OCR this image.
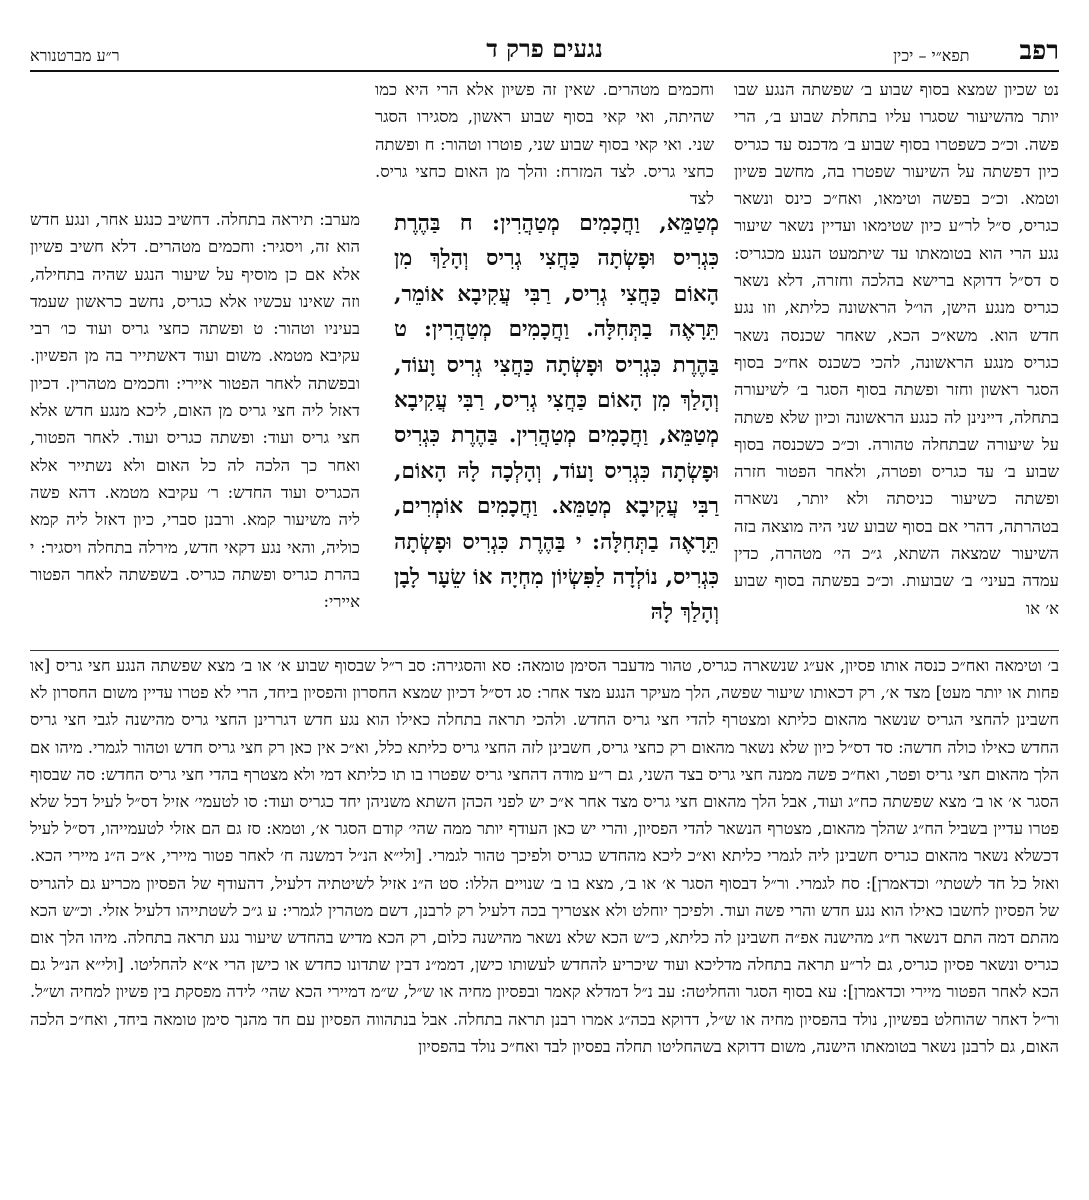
רפב
תפא״י – יכין
נגעים פרק ד
ר״ע מברטנורא
נט שכיון שמצא בסוף שבוע ב׳ שפשתה הנגע שבו יותר מהשיעור שסגרו עליו בתחלת שבוע ב׳, הרי פשה. וכ״כ כשפטרו בסוף שבוע ב׳ מדכנס עד כגריס כיון דפשתה על השיעור שפטרו בה, מחשב פשיון וטמא. וכ״כ בפשה וטימאו, ואח״כ כינס ונשאר כגריס, ס״ל לר״ע כיון שטימאו ועדיין נשאר שיעור נגע הרי הוא בטומאתו עד שיתמעט הנגע מכגריס: ס דס״ל דדוקא ברישא בהלכה וחזרה, דלא נשאר כגריס מנגע הישן, הו״ל הראשונה כליתא, וזו נגע חדש הוא. משא״כ הכא, שאחר שכנסה נשאר כגריס מנגע הראשונה, להכי כשכנס אח״כ בסוף הסגר ראשון וחזר ופשתה בסוף הסגר ב׳ לשיעורה בתחלה, דיינינן לה כנגע הראשונה וכיון שלא פשתה על שיעורה שבתחלה טהורה. וכ״כ כשכנסה בסוף שבוע ב׳ עד כגריס ופטרה, ולאחר הפטור חזרה ופשתה כשיעור כניסתה ולא יותר, נשארה בטהרתה, דהרי אם בסוף שבוע שני היה מוצאה בזה השיעור שמצאה השתא, ג״כ הי׳ מטהרה, כדין עמדה בעיני׳ ב׳ שבועות. וכ״כ בפשתה בסוף שבוע א׳ או
וחכמים מטהרים. שאין זה פשיון אלא הרי היא כמו שהיתה, ואי קאי בסוף שבוע ראשון, מסגירו הסגר שני. ואי קאי בסוף שבוע שני, פוטרו וטהור: ח ופשתה כחצי גריס. לצד המזרח: והלך מן האום כחצי גריס. לצד
מְטַמֵּא, וַחֲכָמִים מְטַהֲרִין: ח בַּהֶרֶת כִּגְרִיס וּפָשְׂתָה כַּחֲצִי גְרִיס וְהָלַךְ מִן הָאוֹם כַּחֲצִי גְרִיס, רַבִּי עֲקִיבָא אוֹמֵר, תֵּרָאֶה בַתְּחִלָּה. וַחֲכָמִים מְטַהֲרִין: ט בַּהֶרֶת כִּגְרִיס וּפָשְׂתָה כַּחֲצִי גְרִיס וָעוֹד, וְהָלַךְ מִן הָאוֹם כַּחֲצִי גְרִיס, רַבִּי עֲקִיבָא מְטַמֵּא, וַחֲכָמִים מְטַהֲרִין. בַּהֶרֶת כִּגְרִיס וּפָשְׂתָה כִּגְרִיס וָעוֹד, וְהָלְכָה לָהּ הָאוֹם, רַבִּי עֲקִיבָא מְטַמֵּא. וַחֲכָמִים אוֹמְרִים, תֵּרָאֶה בַתְּחִלָּה: י בַּהֶרֶת כִּגְרִיס וּפָשְׂתָה כִּגְרִיס, נוֹלְדָה לַפִּשְׂיוֹן מִחְיָה אוֹ שֵׂעָר לָבָן וְהָלַךְ לָהּ
מערב: תיראה בתחלה. דחשיב כנגע אחר, ונגע חדש הוא זה, ויסגיר: וחכמים מטהרים. דלא חשיב פשיון אלא אם כן מוסיף על שיעור הנגע שהיה בתחילה, וזה שאינו עכשיו אלא כגריס, נחשב כראשון שעמד בעיניו וטהור: ט ופשתה כחצי גריס ועוד כו׳ רבי עקיבא מטמא. משום ועוד דאשתייר בה מן הפשיון. ובפשתה לאחר הפטור איירי: וחכמים מטהרין. דכיון דאזל ליה חצי גריס מן האום, ליכא מנגע חדש אלא חצי גריס ועוד: ופשתה כגריס ועוד. לאחר הפטור, ואחר כך הלכה לה כל האום ולא נשתייר אלא הכגריס ועוד החדש: ר׳ עקיבא מטמא. דהא פשה ליה משיעור קמא. ורבנן סברי, כיון דאזל ליה קמא כוליה, והאי נגע דקאי חדש, מירלה בתחלה ויסגיר: י בהרת כגריס ופשתה כגריס. בשפשתה לאחר הפטור איירי:
ב׳ וטימאה ואח״כ כנסה אותו פסיון, אע״ג שנשארה כגריס, טהור מדעבר הסימן טומאה: סא והסגירה: סב ר״ל שבסוף שבוע א׳ או ב׳ מצא שפשתה הנגע חצי גריס [או פחות או יותר מעט] מצד א׳, רק דכאותו שיעור שפשה, הלך מעיקר הנגע מצד אחר: סג דס״ל דכיון שמצא החסרון והפסיון ביחד, הרי לא פטרו עדיין משום החסרון לא חשבינן להחצי הגריס שנשאר מהאום כליתא ומצטרף להדי חצי גריס החדש. ולהכי תראה בתחלה כאילו הוא נגע חדש דגררינן החצי גריס מהישנה לגבי חצי גריס החדש כאילו כולה חדשה: סד דס״ל כיון שלא נשאר מהאום רק כחצי גריס, חשבינן לזה החצי גריס כליתא כלל, וא״כ אין כאן רק חצי גריס חדש וטהור לגמרי. מיהו אם הלך מהאום חצי גריס ופטר, ואח״כ פשה ממנה חצי גריס בצד השני, גם ר״ע מודה דהחצי גריס שפטרו בו תו כליתא דמי ולא מצטרף בהדי חצי גריס החדש: סה שבסוף הסגר א׳ או ב׳ מצא שפשתה כח״ג ועוד, אבל הלך מהאום חצי גריס מצד אחר א״כ יש לפני הכהן השתא משניהן יחד כגריס ועוד: סו לטעמי׳ אזיל דס״ל לעיל דכל שלא פטרו עדיין בשביל הח״ג שהלך מהאום, מצטרף הנשאר להדי הפסיון, והרי יש כאן העודף יותר ממה שהי׳ קודם הסגר א׳, וטמא: סז גם הם אזלי לטעמייהו, דס״ל לעיל דכשלא נשאר מהאום כגריס חשבינן ליה לגמרי כליתא וא״כ ליכא מהחדש כגריס ולפיכך טהור לגמרי. [ולי״א הנ״ל דמשנה ח׳ לאחר פטור מיירי, א״כ ה״נ מיירי הכא. ואזל כל חד לשטתי׳ וכדאמרן]: סח לגמרי. ור״ל דבסוף הסגר א׳ או ב׳, מצא בו ב׳ שנויים הללו: סט ה״נ אזיל לשיטתיה דלעיל, דהעודף של הפסיון מכריע גם להגריס של הפסיון לחשבו כאילו הוא נגע חדש והרי פשה ועוד. ולפיכך יוחלט ולא אצטריך בכה דלעיל רק לרבנן, דשם מטהרין לגמרי: ע ג״כ לשטתייהו דלעיל אזלי. וכ״ש הכא מהתם דמה התם דנשאר ח״ג מהישנה אפ״ה חשבינן לה כליתא, כ״ש הכא שלא נשאר מהישנה כלום, רק הכא מדיש בהחדש שיעור נגע תראה בתחלה. מיהו הלך אום כגריס ונשאר פסיון כגריס, גם לר״ע תראה בתחלה מדליכא ועוד שיכריע להחדש לעשותו כישן, דממ״נ דבין שתדונו כחדש או כישן הרי א״א להחליטו. [ולי״א הנ״ל גם הכא לאחר הפטור מיירי וכדאמרן]: עא בסוף הסגר והחליטה: עב נ״ל דמדלא קאמר ובפסיון מחיה או ש״ל, ש״מ דמיירי הכא שהי׳ לידה מפסקת בין פשיון למחיה וש״ל. ור״ל דאחר שהוחלט בפשיון, נולד בהפסיון מחיה או ש״ל, דדוקא בכה״ג אמרו רבנן תראה בתחלה. אבל בנתהווה הפסיון עם חד מהנך סימן טומאה ביחד, ואח״כ הלכה האום, גם לרבנן נשאר בטומאתו הישנה, משום דדוקא בשהחליטו תחלה בפסיון לבד ואח״כ נולד בהפסיון
